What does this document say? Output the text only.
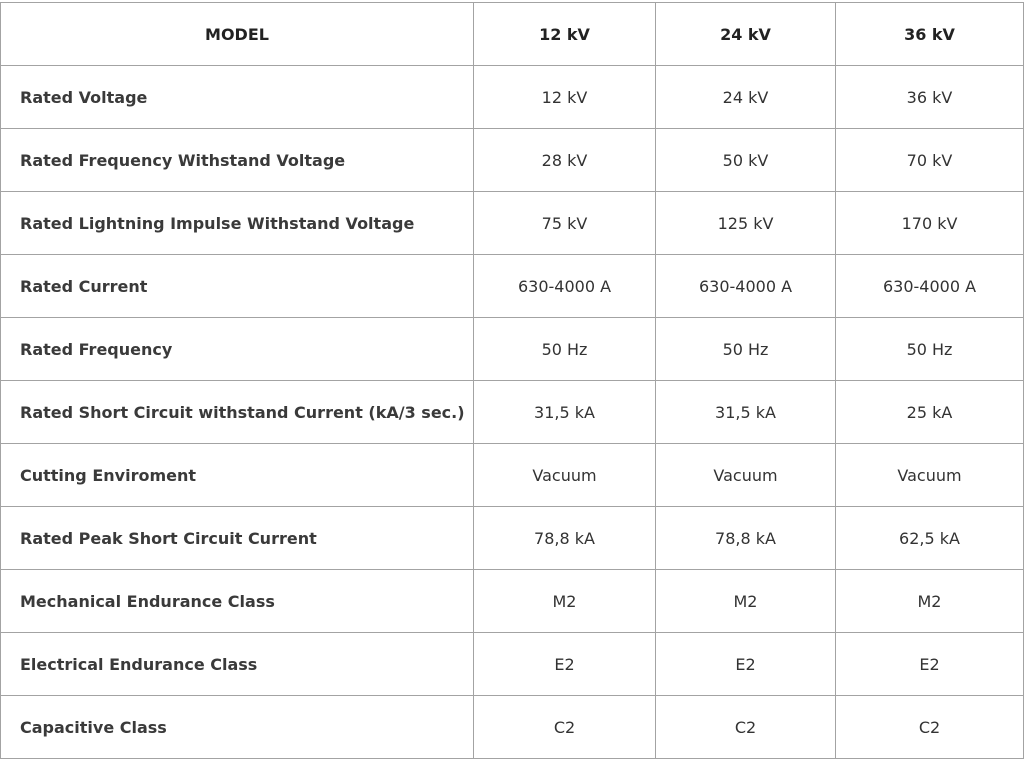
MODEL	12 kV	24 kV	36 kV
Rated Voltage	12 kV	24 kV	36 kV
Rated Frequency Withstand Voltage	28 kV	50 kV	70 kV
Rated Lightning Impulse Withstand Voltage	75 kV	125 kV	170 kV
Rated Current	630-4000 A	630-4000 A	630-4000 A
Rated Frequency	50 Hz	50 Hz	50 Hz
Rated Short Circuit withstand Current (kA/3 sec.)	31,5 kA	31,5 kA	25 kA
Cutting Enviroment	Vacuum	Vacuum	Vacuum
Rated Peak Short Circuit Current	78,8 kA	78,8 kA	62,5 kA
Mechanical Endurance Class	M2	M2	M2
Electrical Endurance Class	E2	E2	E2
Capacitive Class	C2	C2	C2
